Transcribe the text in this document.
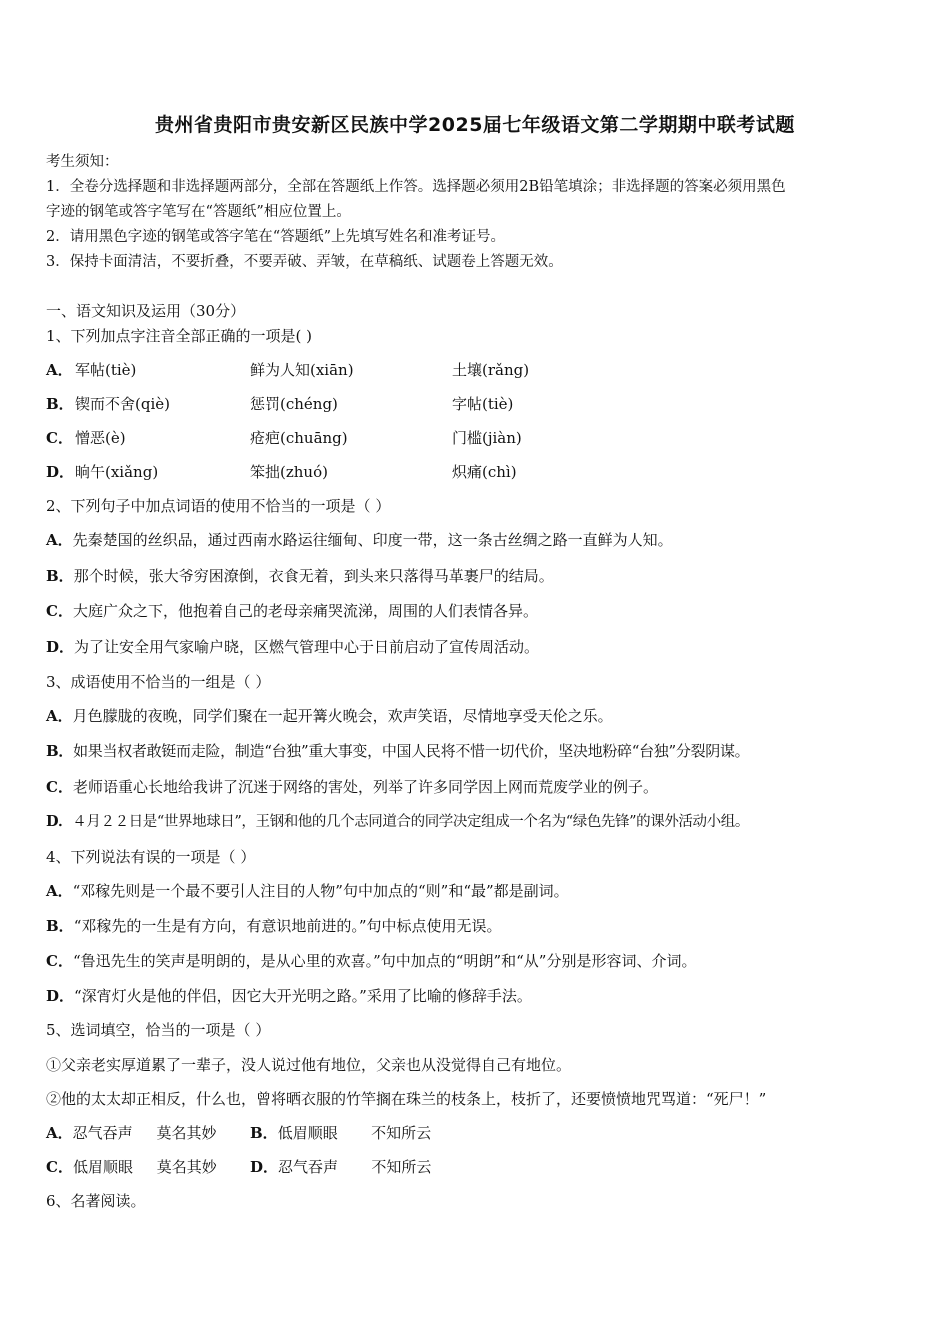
贵州省贵阳市贵安新区民族中学2025届七年级语文第二学期期中联考试题
考生须知：
1．全卷分选择题和非选择题两部分，全部在答题纸上作答。选择题必须用2B铅笔填涂；非选择题的答案必须用黑色
字迹的钢笔或答字笔写在“答题纸”相应位置上。
2．请用黑色字迹的钢笔或答字笔在“答题纸”上先填写姓名和准考证号。
3．保持卡面清洁，不要折叠，不要弄破、弄皱，在草稿纸、试题卷上答题无效。
一、语文知识及运用（30分）
1、下列加点字注音全部正确的一项是( )
A． 军帖(tiè)	鲜为人知(xiān)	土壤(rǎng)
B． 锲而不舍(qiè)	惩罚(chéng)	字帖(tiè)
C． 憎恶(è)	疮疤(chuāng)	门槛(jiàn)
D． 晌午(xiǎng)	笨拙(zhuó)	炽痛(chì)
2、下列句子中加点词语的使用不恰当的一项是（ ）
A．先秦楚国的丝织品，通过西南水路运往缅甸、印度一带，这一条古丝绸之路一直鲜为人知。
B．那个时候，张大爷穷困潦倒，衣食无着，到头来只落得马革裹尸的结局。
C．大庭广众之下，他抱着自己的老母亲痛哭流涕，周围的人们表情各异。
D．为了让安全用气家喻户晓，区燃气管理中心于日前启动了宣传周活动。
3、成语使用不恰当的一组是（ ）
A．月色朦胧的夜晚，同学们聚在一起开篝火晚会，欢声笑语，尽情地享受天伦之乐。
B．如果当权者敢铤而走险，制造“台独”重大事变，中国人民将不惜一切代价，坚决地粉碎“台独”分裂阴谋。
C．老师语重心长地给我讲了沉迷于网络的害处，列举了许多同学因上网而荒废学业的例子。
D．４月２２日是“世界地球日”，王钢和他的几个志同道合的同学决定组成一个名为“绿色先锋”的课外活动小组。
4、下列说法有误的一项是（ ）
A．“邓稼先则是一个最不要引人注目的人物”句中加点的“则”和“最”都是副词。
B．“邓稼先的一生是有方向，有意识地前进的。”句中标点使用无误。
C．“鲁迅先生的笑声是明朗的，是从心里的欢喜。”句中加点的“明朗”和“从”分别是形容词、介词。
D．“深宵灯火是他的伴侣，因它大开光明之路。”采用了比喻的修辞手法。
5、选词填空，恰当的一项是（ ）
①父亲老实厚道累了一辈子，没人说过他有地位，父亲也从没觉得自己有地位。
②他的太太却正相反，什么也，曾将晒衣服的竹竿搁在珠兰的枝条上，枝折了，还要愤愤地咒骂道：“死尸！”
A．忍气吞声     莫名其妙 B．低眉顺眼       不知所云
C．低眉顺眼     莫名其妙 D．忍气吞声       不知所云
6、名著阅读。
